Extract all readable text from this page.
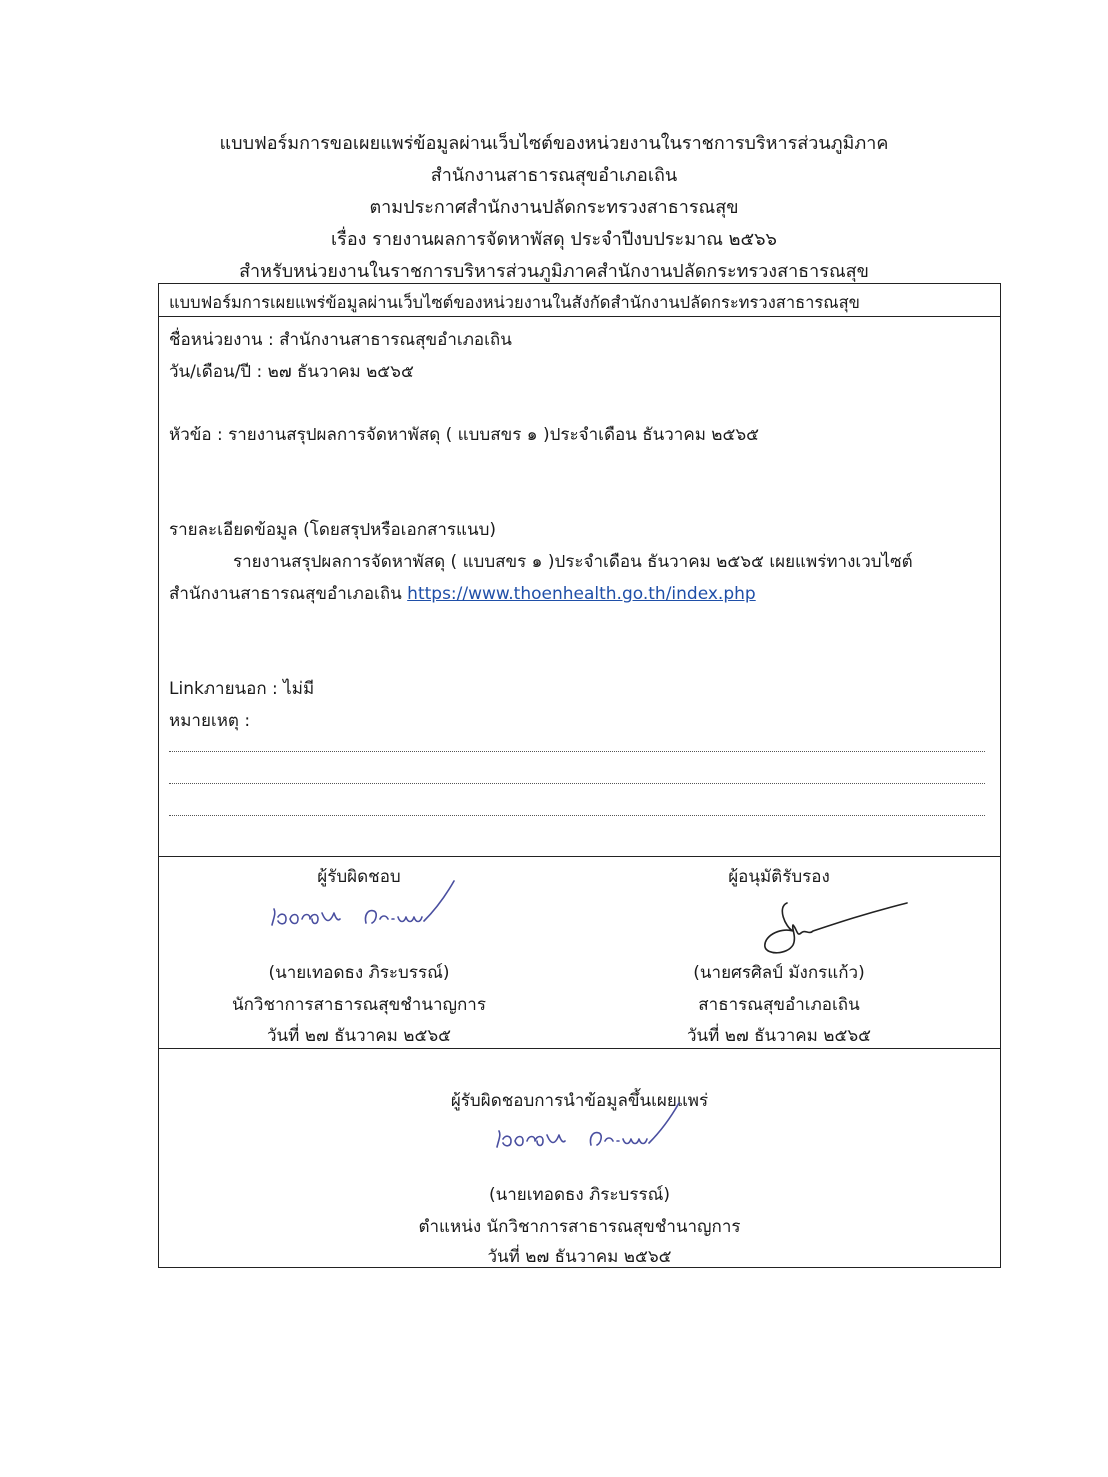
แบบฟอร์มการขอเผยแพร่ข้อมูลผ่านเว็บไซต์ของหน่วยงานในราชการบริหารส่วนภูมิภาค
สำนักงานสาธารณสุขอำเภอเถิน
ตามประกาศสำนักงานปลัดกระทรวงสาธารณสุข
เรื่อง รายงานผลการจัดหาพัสดุ ประจำปีงบประมาณ ๒๕๖๖
สำหรับหน่วยงานในราชการบริหารส่วนภูมิภาคสำนักงานปลัดกระทรวงสาธารณสุข
แบบฟอร์มการเผยแพร่ข้อมูลผ่านเว็บไซต์ของหน่วยงานในสังกัดสำนักงานปลัดกระทรวงสาธารณสุข
ชื่อหน่วยงาน : สำนักงานสาธารณสุขอำเภอเถิน
วัน/เดือน/ปี : ๒๗ ธันวาคม ๒๕๖๕
หัวข้อ : รายงานสรุปผลการจัดหาพัสดุ ( แบบสขร ๑ )ประจำเดือน ธันวาคม ๒๕๖๕
รายละเอียดข้อมูล (โดยสรุปหรือเอกสารแนบ)
รายงานสรุปผลการจัดหาพัสดุ ( แบบสขร ๑ )ประจำเดือน ธันวาคม ๒๕๖๕ เผยแพร่ทางเวบไซต์
สำนักงานสาธารณสุขอำเภอเถิน https://www.thoenhealth.go.th/index.php
Linkภายนอก : ไม่มี
หมายเหตุ :
ผู้รับผิดชอบ
(นายเทอดธง ภิระบรรณ์)
นักวิชาการสาธารณสุขชำนาญการ
วันที่ ๒๗ ธันวาคม ๒๕๖๕
ผู้อนุมัติรับรอง
(นายศรศิลป์ มังกรแก้ว)
สาธารณสุขอำเภอเถิน
วันที่ ๒๗ ธันวาคม ๒๕๖๕
ผู้รับผิดชอบการนำข้อมูลขึ้นเผยแพร่
(นายเทอดธง ภิระบรรณ์)
ตำแหน่ง นักวิชาการสาธารณสุขชำนาญการ
วันที่ ๒๗ ธันวาคม ๒๕๖๕
